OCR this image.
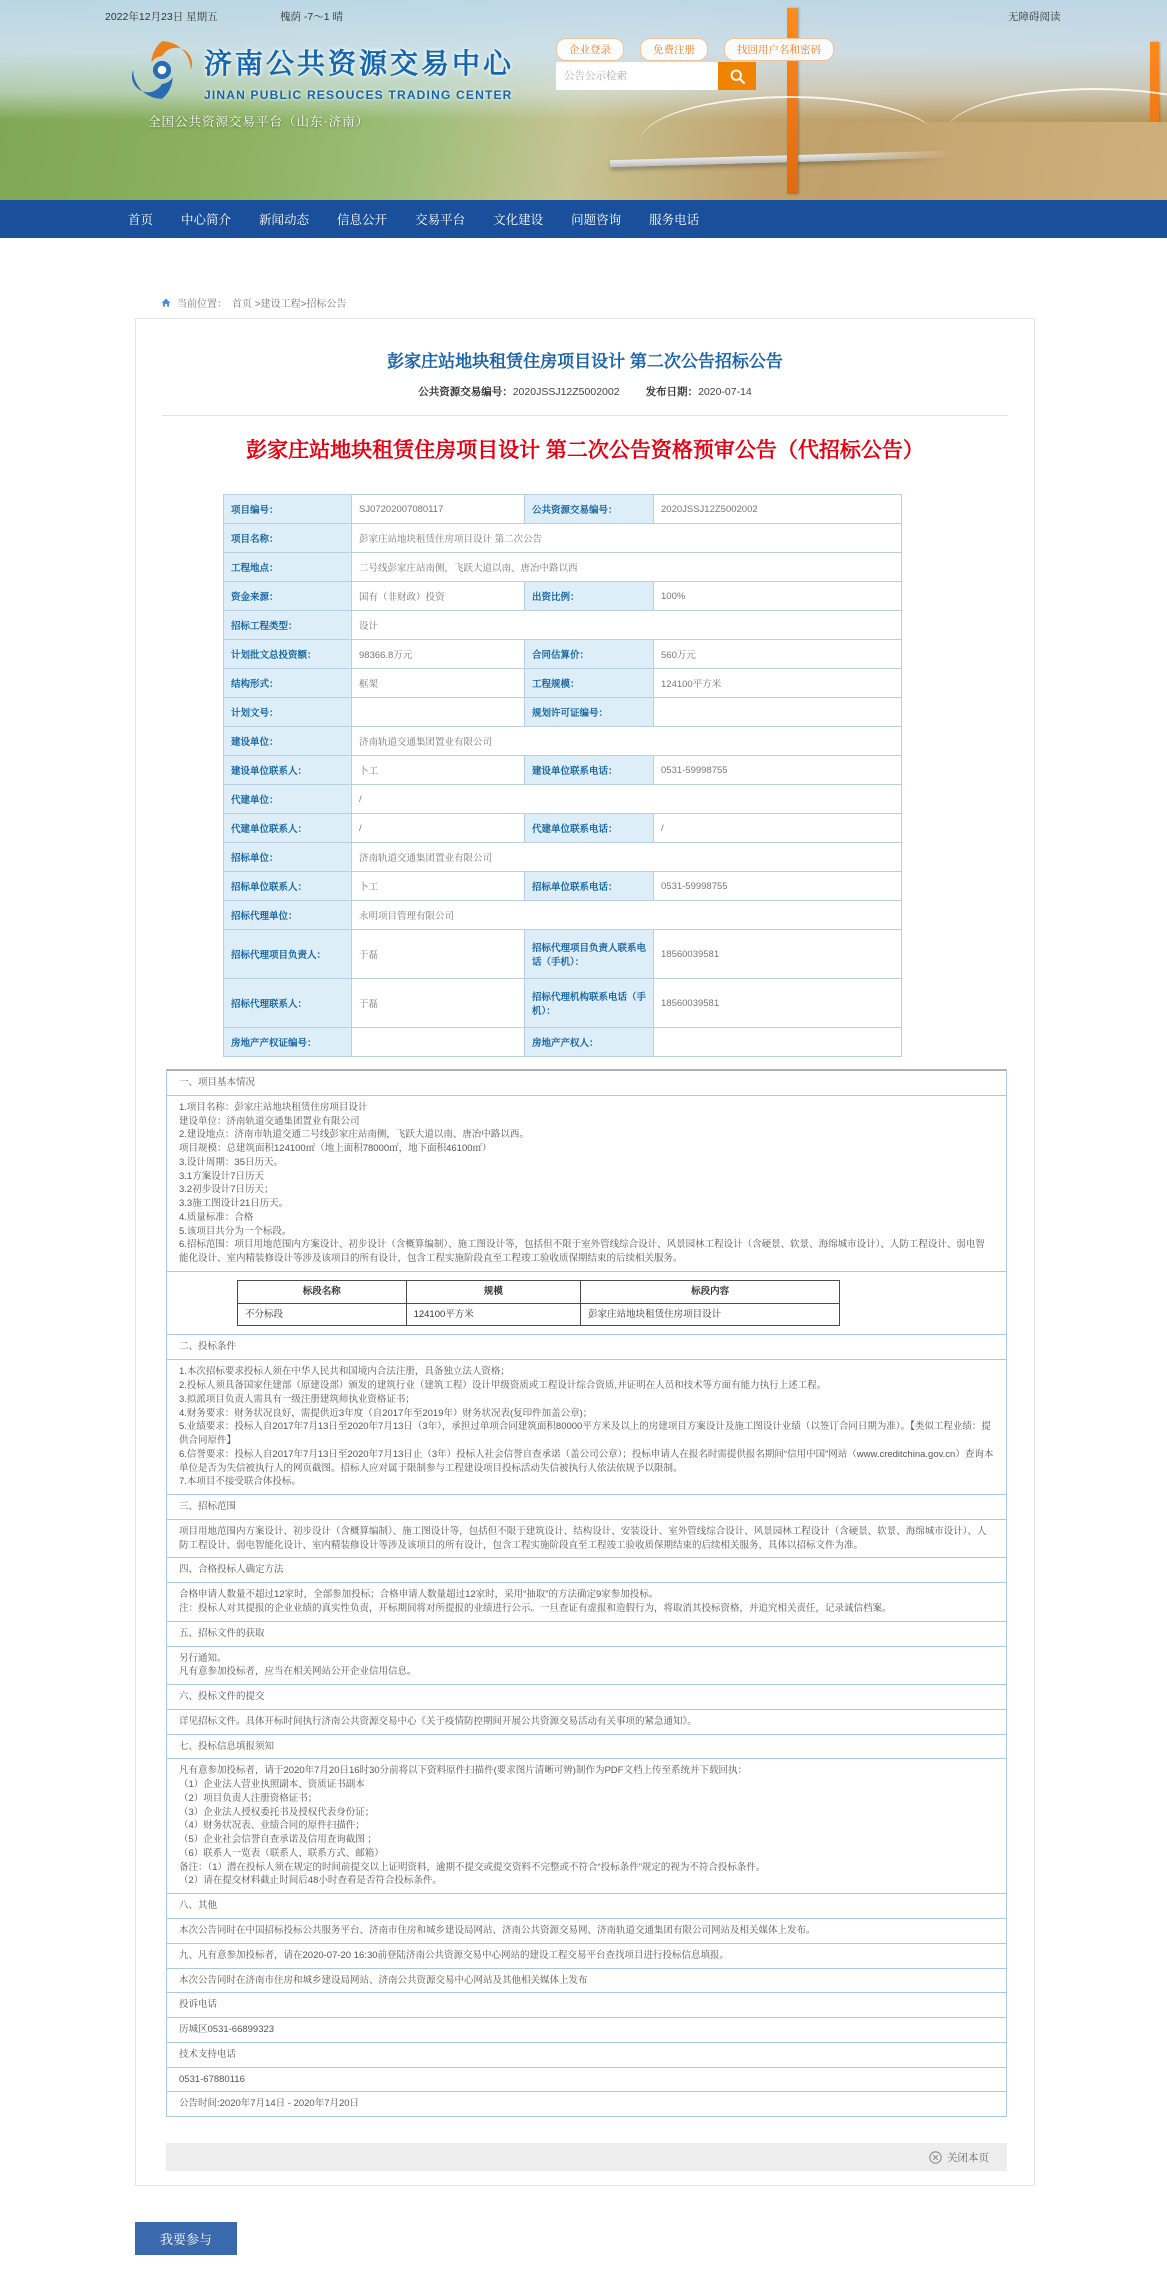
2022年12月23日 星期五	槐荫 -7～1 晴	无障碍阅读
济南公共资源交易中心
JINAN PUBLIC RESOUCES TRADING CENTER
企业登录	免费注册	找回用户名和密码
公告公示检索
全国公共资源交易平台（山东·济南）
首页 中心简介 新闻动态 信息公开 交易平台 文化建设 问题咨询 服务电话
当前位置： 首页 >建设工程>招标公告
彭家庄站地块租赁住房项目设计 第二次公告招标公告
公共资源交易编号：2020JSSJ12Z5002002 发布日期：2020-07-14
彭家庄站地块租赁住房项目设计 第二次公告资格预审公告（代招标公告）
项目编号：	SJ07202007080117	公共资源交易编号：	2020JSSJ12Z5002002
项目名称：	彭家庄站地块租赁住房项目设计 第二次公告		
工程地点：	二号线彭家庄站南侧，飞跃大道以南、唐冶中路以西		
资金来源：	国有（非财政）投资	出资比例：	100%
招标工程类型：	设计		
计划批文总投资额：	98366.8万元	合同估算价：	560万元
结构形式：	框架	工程规模：	124100平方米
计划文号：		规划许可证编号：	
建设单位：	济南轨道交通集团置业有限公司		
建设单位联系人：	卜工	建设单位联系电话：	0531-59998755
代建单位：	/		
代建单位联系人：	/	代建单位联系电话：	/
招标单位：	济南轨道交通集团置业有限公司		
招标单位联系人：	卜工	招标单位联系电话：	0531-59998755
招标代理单位：	永明项目管理有限公司		
招标代理项目负责人：	于磊	招标代理项目负责人联系电话（手机）：	18560039581
招标代理联系人：	于磊	招标代理机构联系电话（手机）：	18560039581
房地产产权证编号：		房地产产权人：	
一、项目基本情况
1.项目名称：彭家庄站地块租赁住房项目设计
建设单位：济南轨道交通集团置业有限公司
2.建设地点：济南市轨道交通二号线彭家庄站南侧，飞跃大道以南、唐冶中路以西。
项目规模：总建筑面积124100㎡（地上面积78000㎡，地下面积46100㎡）
3.设计周期：35日历天。
3.1方案设计7日历天
3.2初步设计7日历天；
3.3施工图设计21日历天。
4.质量标准：合格
5.该项目共分为一个标段。
6.招标范围：项目用地范围内方案设计、初步设计（含概算编制）、施工图设计等，包括但不限于室外管线综合设计、风景园林工程设计（含硬景、软景、海绵城市设计）、人防工程设计、弱电智能化设计、室内精装修设计等涉及该项目的所有设计，包含工程实施阶段直至工程竣工验收质保期结束的后续相关服务。
标段名称	规模	标段内容
不分标段	124100平方米	彭家庄站地块租赁住房项目设计
二、投标条件
1.本次招标要求投标人须在中华人民共和国境内合法注册，具备独立法人资格；
2.投标人须具备国家住建部（原建设部）颁发的建筑行业（建筑工程）设计甲级资质或工程设计综合资质,并证明在人员和技术等方面有能力执行上述工程。
3.拟派项目负责人需具有一级注册建筑师执业资格证书；
4.财务要求：财务状况良好，需提供近3年度（自2017年至2019年）财务状况表(复印件加盖公章)；
5.业绩要求：投标人自2017年7月13日至2020年7月13日（3年），承担过单项合同建筑面积80000平方米及以上的房建项目方案设计及施工图设计业绩（以签订合同日期为准）。【类似工程业绩：提供合同原件】
6.信誉要求：投标人自2017年7月13日至2020年7月13日止（3年）投标人社会信誉自查承诺（盖公司公章）；投标申请人在报名时需提供报名期间“信用中国”网站（www.creditchina.gov.cn）查询本单位是否为失信被执行人的网页截图。招标人应对属于限制参与工程建设项目投标活动失信被执行人依法依规予以限制。
7.本项目不接受联合体投标。
三、招标范围
项目用地范围内方案设计、初步设计（含概算编制）、施工图设计等，包括但不限于建筑设计、结构设计、安装设计、室外管线综合设计、风景园林工程设计（含硬景、软景、海绵城市设计）、人防工程设计、弱电智能化设计、室内精装修设计等涉及该项目的所有设计，包含工程实施阶段直至工程竣工验收质保期结束的后续相关服务，具体以招标文件为准。
四、合格投标人确定方法
合格申请人数量不超过12家时，全部参加投标；合格申请人数量超过12家时，采用“抽取”的方法确定9家参加投标。
注：投标人对其提报的企业业绩的真实性负责，开标期间将对所提报的业绩进行公示。一旦查证有虚报和造假行为，将取消其投标资格，并追究相关责任，记录诚信档案。
五、招标文件的获取
另行通知。
凡有意参加投标者，应当在相关网站公开企业信用信息。
六、投标文件的提交
详见招标文件。具体开标时间执行济南公共资源交易中心《关于疫情防控期间开展公共资源交易活动有关事项的紧急通知》。
七、投标信息填报须知
凡有意参加投标者，请于2020年7月20日16时30分前将以下资料原件扫描件(要求图片清晰可辨)制作为PDF文档上传至系统并下载回执：
（1）企业法人营业执照副本、资质证书副本
（2）项目负责人注册资格证书；
（3）企业法人授权委托书及授权代表身份证；
（4）财务状况表、业绩合同的原件扫描件；
（5）企业社会信誉自查承诺及信用查询截图 ；
（6）联系人一览表（联系人、联系方式、邮箱）
备注：（1）潜在投标人须在规定的时间前提交以上证明资料，逾期不提交或提交资料不完整或不符合“投标条件”规定的视为不符合投标条件。
（2）请在提交材料截止时间后48小时查看是否符合投标条件。
八、其他
本次公告同时在中国招标投标公共服务平台、济南市住房和城乡建设局网站、济南公共资源交易网、济南轨道交通集团有限公司网站及相关媒体上发布。
九、凡有意参加投标者，请在2020-07-20 16:30前登陆济南公共资源交易中心网站的建设工程交易平台查找项目进行投标信息填报。
本次公告同时在济南市住房和城乡建设局网站、济南公共资源交易中心网站及其他相关媒体上发布
投诉电话
历城区0531-66899323
技术支持电话
0531-67880116
公告时间:2020年7月14日 - 2020年7月20日
关闭本页
我要参与
